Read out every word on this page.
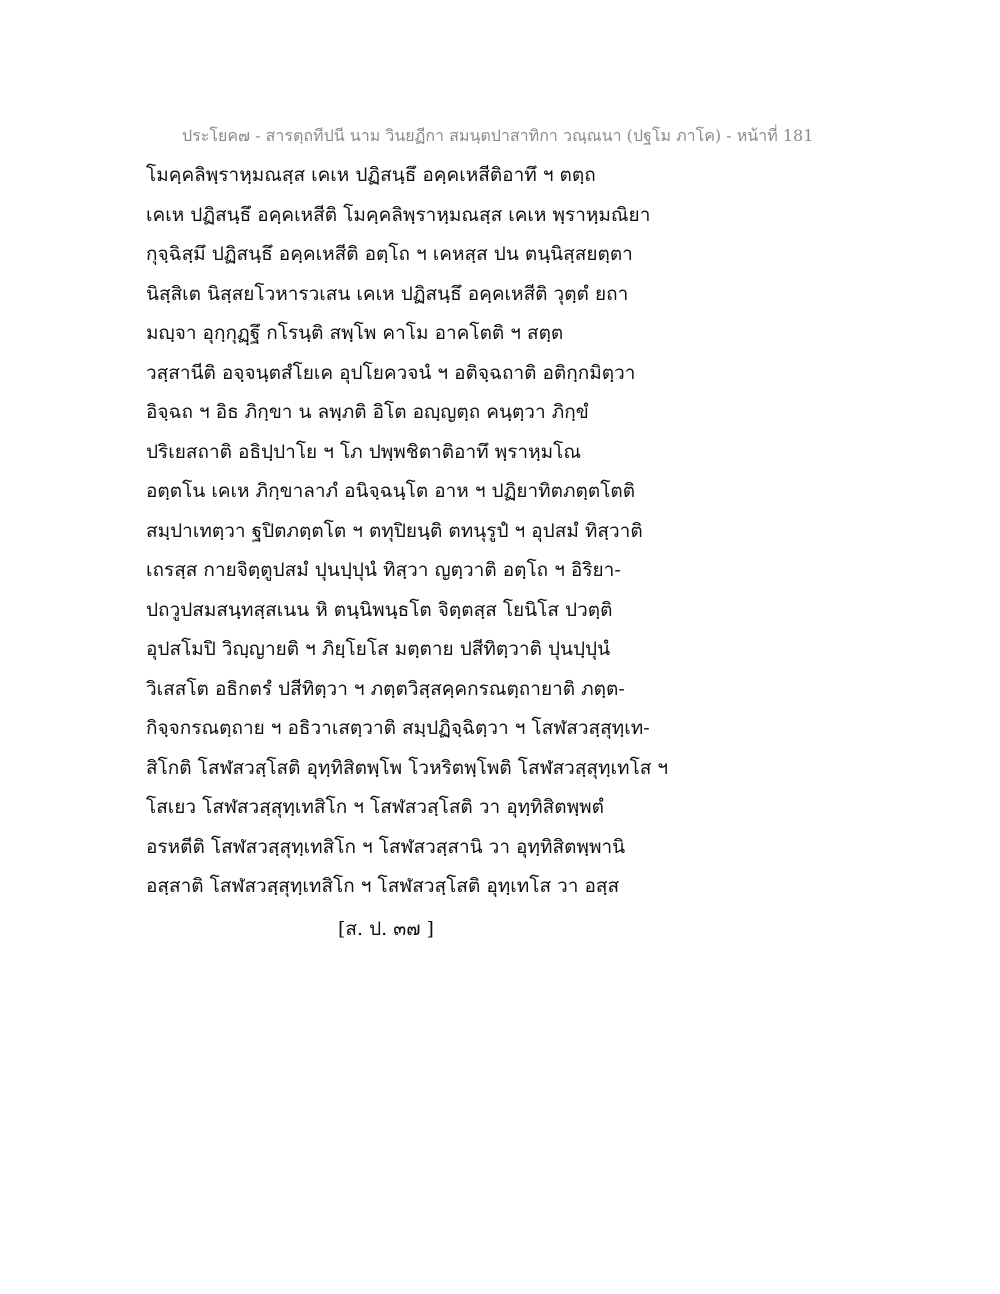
ประโยค๗ - สารตฺถทีปนี นาม วินยฏีกา สมนฺตปาสาทิกา วณฺณนา (ปฐโม ภาโค) - หน้าที่ 181
โมคฺคลิพฺราหฺมณสฺส เคเห ปฏิสนฺธึ อคฺคเหสีติอาทึ ฯ ตตฺถ
เคเห ปฏิสนฺธึ อคฺคเหสีติ โมคฺคลิพฺราหฺมณสฺส เคเห พฺราหฺมณิยา
กุจฺฉิสฺมึ ปฏิสนฺธึ อคฺคเหสีติ อตฺโถ ฯ เคหสฺส ปน ตนฺนิสฺสยตฺตา
นิสฺสิเต นิสฺสยโวหารวเสน เคเห ปฏิสนฺธึ อคฺคเหสีติ วุตฺตํ ยถา
มญฺจา อุกฺกุฏฺฐึ กโรนฺติ สพฺโพ คาโม อาคโตติ ฯ สตฺต
วสฺสานีติ อจฺจนฺตสํโยเค อุปโยควจนํ ฯ อติจฺฉถาติ อติกฺกมิตฺวา
อิจฺฉถ ฯ อิธ ภิกฺขา น ลพฺภติ อิโต อญฺญตฺถ คนฺตฺวา ภิกฺขํ
ปริเยสถาติ อธิปฺปาโย ฯ โภ ปพฺพชิตาติอาทึ พฺราหฺมโณ
อตฺตโน เคเห ภิกฺขาลาภํ อนิจฺฉนฺโต อาห ฯ ปฏิยาทิตภตฺตโตติ
สมฺปาเทตฺวา ฐปิตภตฺตโต ฯ ตทุปิยนฺติ ตทนุรูปํ ฯ อุปสมํ ทิสฺวาติ
เถรสฺส กายจิตฺตูปสมํ ปุนปฺปุนํ ทิสฺวา ญตฺวาติ อตฺโถ ฯ อิริยา-
ปถวูปสมสนฺทสฺสเนน หิ ตนฺนิพนฺธโต จิตฺตสฺส โยนิโส ปวตฺติ
อุปสโมปิ วิญฺญายติ ฯ ภิยฺโยโส มตฺตาย ปสีทิตฺวาติ ปุนปฺปุนํ
วิเสสโต อธิกตรํ ปสีทิตฺวา ฯ ภตฺตวิสฺสคฺคกรณตฺถายาติ ภตฺต-
กิจฺจกรณตฺถาย ฯ อธิวาเสตฺวาติ สมฺปฏิจฺฉิตฺวา ฯ โสฬสวสฺสุทฺเท-
สิโกติ โสฬสวสฺโสติ อุทฺทิสิตพฺโพ โวหริตพฺโพติ โสฬสวสฺสุทฺเทโส ฯ
โสเยว โสฬสวสฺสุทฺเทสิโก ฯ โสฬสวสฺโสติ วา อุทฺทิสิตพฺพตํ
อรหตีติ โสฬสวสฺสุทฺเทสิโก ฯ โสฬสวสฺสานิ วา อุทฺทิสิตพฺพานิ
อสฺสาติ โสฬสวสฺสุทฺเทสิโก ฯ โสฬสวสฺโสติ อุทฺเทโส วา อสฺส
[ส. ป. ๓๗ ]
